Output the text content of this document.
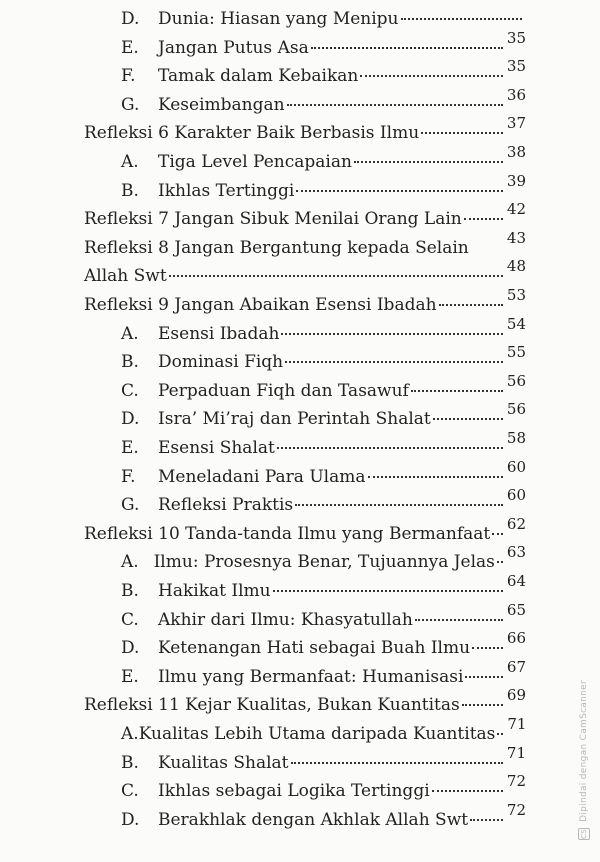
D.	Dunia: Hiasan yang Menipu
E.	Jangan Putus Asa	35
F.	Tamak dalam Kebaikan	35
G.	Keseimbangan	36
Refleksi 6 Karakter Baik Berbasis Ilmu	37
A.	Tiga Level Pencapaian	38
B.	Ikhlas Tertinggi	39
Refleksi 7 Jangan Sibuk Menilai Orang Lain	42
Refleksi 8 Jangan Bergantung kepada Selain	43
Allah Swt	48
Refleksi 9 Jangan Abaikan Esensi Ibadah	53
A.	Esensi Ibadah	54
B.	Dominasi Fiqh	55
C.	Perpaduan Fiqh dan Tasawuf	56
D.	Isra’ Mi’raj dan Perintah Shalat	56
E.	Esensi Shalat	58
F.	Meneladani Para Ulama	60
G.	Refleksi Praktis	60
Refleksi 10 Tanda-tanda Ilmu yang Bermanfaat 62
A. Ilmu: Prosesnya Benar, Tujuannya Jelas 63
B.	Hakikat Ilmu	64
C.	Akhir dari Ilmu: Khasyatullah	65
D.	Ketenangan Hati sebagai Buah Ilmu 66
E.	Ilmu yang Bermanfaat: Humanisasi	67
Refleksi 11 Kejar Kualitas, Bukan Kuantitas	69
A. Kualitas Lebih Utama daripada Kuantitas 71
B.	Kualitas Shalat	71
C.	Ikhlas sebagai Logika Tertinggi	72
D.	Berakhlak dengan Akhlak Allah Swt	72
CS Dipindai dengan CamScanner
